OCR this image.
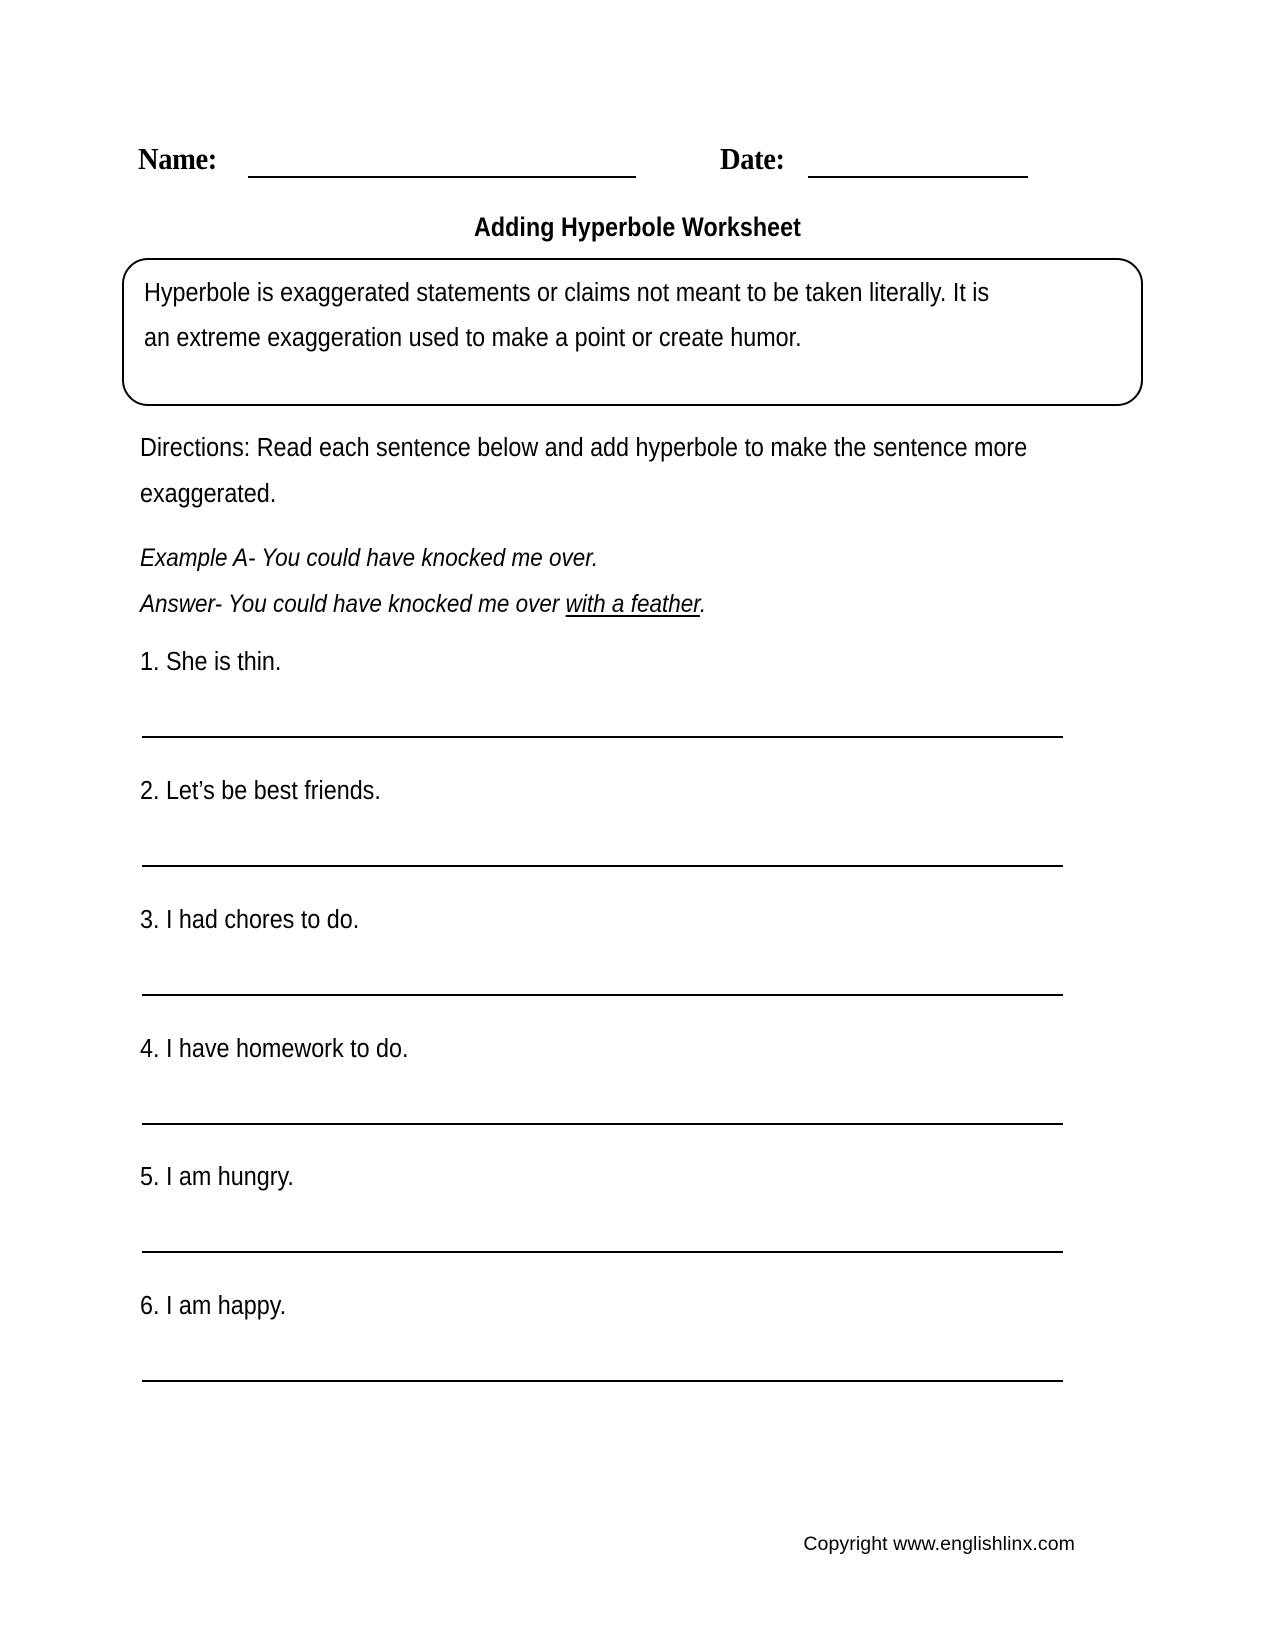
Name:	Date:
Adding Hyperbole Worksheet
Hyperbole is exaggerated statements or claims not meant to be taken literally. It is an extreme exaggeration used to make a point or create humor.
Directions: Read each sentence below and add hyperbole to make the sentence more exaggerated.
Example A- You could have knocked me over.
Answer- You could have knocked me over with a feather.
1. She is thin.
2. Let’s be best friends.
3. I had chores to do.
4. I have homework to do.
5. I am hungry.
6. I am happy.
Copyright www.englishlinx.com
